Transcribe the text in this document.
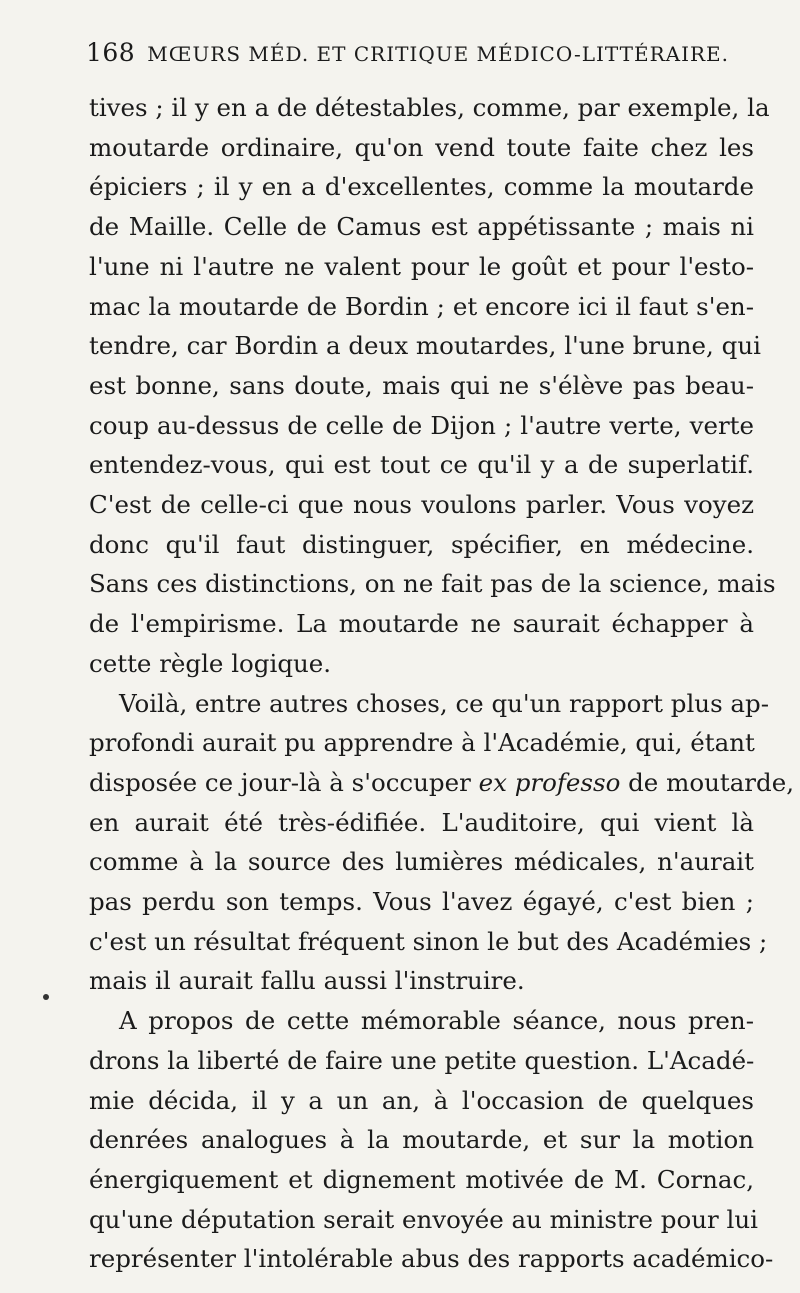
168 MŒURS MÉD. ET CRITIQUE MÉDICO-LITTÉRAIRE.
tives ; il y en a de détestables, comme, par exemple, la
moutarde ordinaire, qu'on vend toute faite chez les
épiciers ; il y en a d'excellentes, comme la moutarde
de Maille. Celle de Camus est appétissante ; mais ni
l'une ni l'autre ne valent pour le goût et pour l'esto-
mac la moutarde de Bordin ; et encore ici il faut s'en-
tendre, car Bordin a deux moutardes, l'une brune, qui
est bonne, sans doute, mais qui ne s'élève pas beau-
coup au-dessus de celle de Dijon ; l'autre verte, verte
entendez-vous, qui est tout ce qu'il y a de superlatif.
C'est de celle-ci que nous voulons parler. Vous voyez
donc qu'il faut distinguer, spécifier, en médecine.
Sans ces distinctions, on ne fait pas de la science, mais
de l'empirisme. La moutarde ne saurait échapper à
cette règle logique.
Voilà, entre autres choses, ce qu'un rapport plus ap-
profondi aurait pu apprendre à l'Académie, qui, étant
disposée ce jour-là à s'occuper ex professo de moutarde,
en aurait été très-édifiée. L'auditoire, qui vient là
comme à la source des lumières médicales, n'aurait
pas perdu son temps. Vous l'avez égayé, c'est bien ;
c'est un résultat fréquent sinon le but des Académies ;
mais il aurait fallu aussi l'instruire.
A propos de cette mémorable séance, nous pren-
drons la liberté de faire une petite question. L'Acadé-
mie décida, il y a un an, à l'occasion de quelques
denrées analogues à la moutarde, et sur la motion
énergiquement et dignement motivée de M. Cornac,
qu'une députation serait envoyée au ministre pour lui
représenter l'intolérable abus des rapports académico-
